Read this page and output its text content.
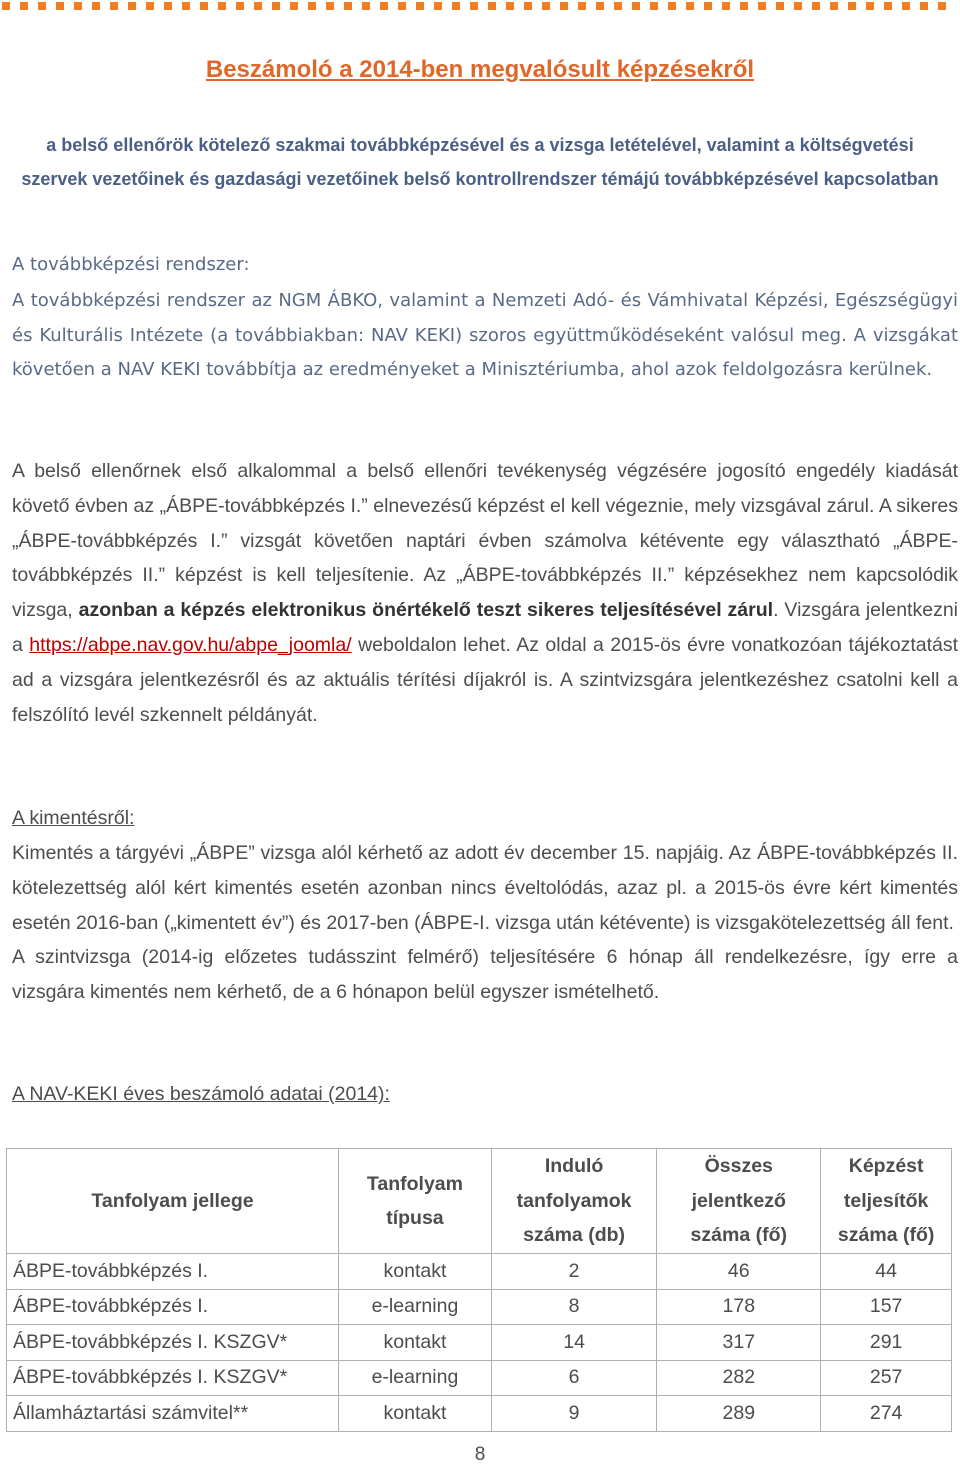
Beszámoló a 2014-ben megvalósult képzésekről

a belső ellenőrök kötelező szakmai továbbképzésével és a vizsga letételével, valamint a költségvetési szervek vezetőinek és gazdasági vezetőinek belső kontrollrendszer témájú továbbképzésével kapcsolatban

A továbbképzési rendszer:

A továbbképzési rendszer az NGM ÁBKO, valamint a Nemzeti Adó- és Vámhivatal Képzési, Egészségügyi és Kulturális Intézete (a továbbiakban: NAV KEKI) szoros együttműködéseként valósul meg. A vizsgákat követően a NAV KEKI továbbítja az eredményeket a Minisztériumba, ahol azok feldolgozásra kerülnek.

A belső ellenőrnek első alkalommal a belső ellenőri tevékenység végzésére jogosító engedély kiadását követő évben az „ÁBPE-továbbképzés I.” elnevezésű képzést el kell végeznie, mely vizsgával zárul. A sikeres „ÁBPE-továbbképzés I.” vizsgát követően naptári évben számolva kétévente egy választható „ÁBPE-továbbképzés II.” képzést is kell teljesítenie. Az „ÁBPE-továbbképzés II.” képzésekhez nem kapcsolódik vizsga, azonban a képzés elektronikus önértékelő teszt sikeres teljesítésével zárul. Vizsgára jelentkezni a https://abpe.nav.gov.hu/abpe_joomla/ weboldalon lehet. Az oldal a 2015-ös évre vonatkozóan tájékoztatást ad a vizsgára jelentkezésről és az aktuális térítési díjakról is. A szintvizsgára jelentkezéshez csatolni kell a felszólító levél szkennelt példányát.

A kimentésről:

Kimentés a tárgyévi „ÁBPE” vizsga alól kérhető az adott év december 15. napjáig. Az ÁBPE-továbbképzés II. kötelezettség alól kért kimentés esetén azonban nincs éveltolódás, azaz pl. a 2015-ös évre kért kimentés esetén 2016-ban („kimentett év”) és 2017-ben (ÁBPE-I. vizsga után kétévente) is vizsgakötelezettség áll fent.

A szintvizsga (2014-ig előzetes tudásszint felmérő) teljesítésére 6 hónap áll rendelkezésre, így erre a vizsgára kimentés nem kérhető, de a 6 hónapon belül egyszer ismételhető.

A NAV-KEKI éves beszámoló adatai (2014):
Tanfolyam jellege	Tanfolyam típusa	Induló tanfolyamok száma (db)	Összes jelentkező száma (fő)	Képzést teljesítők száma (fő)
ÁBPE-továbbképzés I.	kontakt	2	46	44
ÁBPE-továbbképzés I.	e-learning	8	178	157
ÁBPE-továbbképzés I. KSZGV*	kontakt	14	317	291
ÁBPE-továbbképzés I. KSZGV*	e-learning	6	282	257
Államháztartási számvitel**	kontakt	9	289	274
8
